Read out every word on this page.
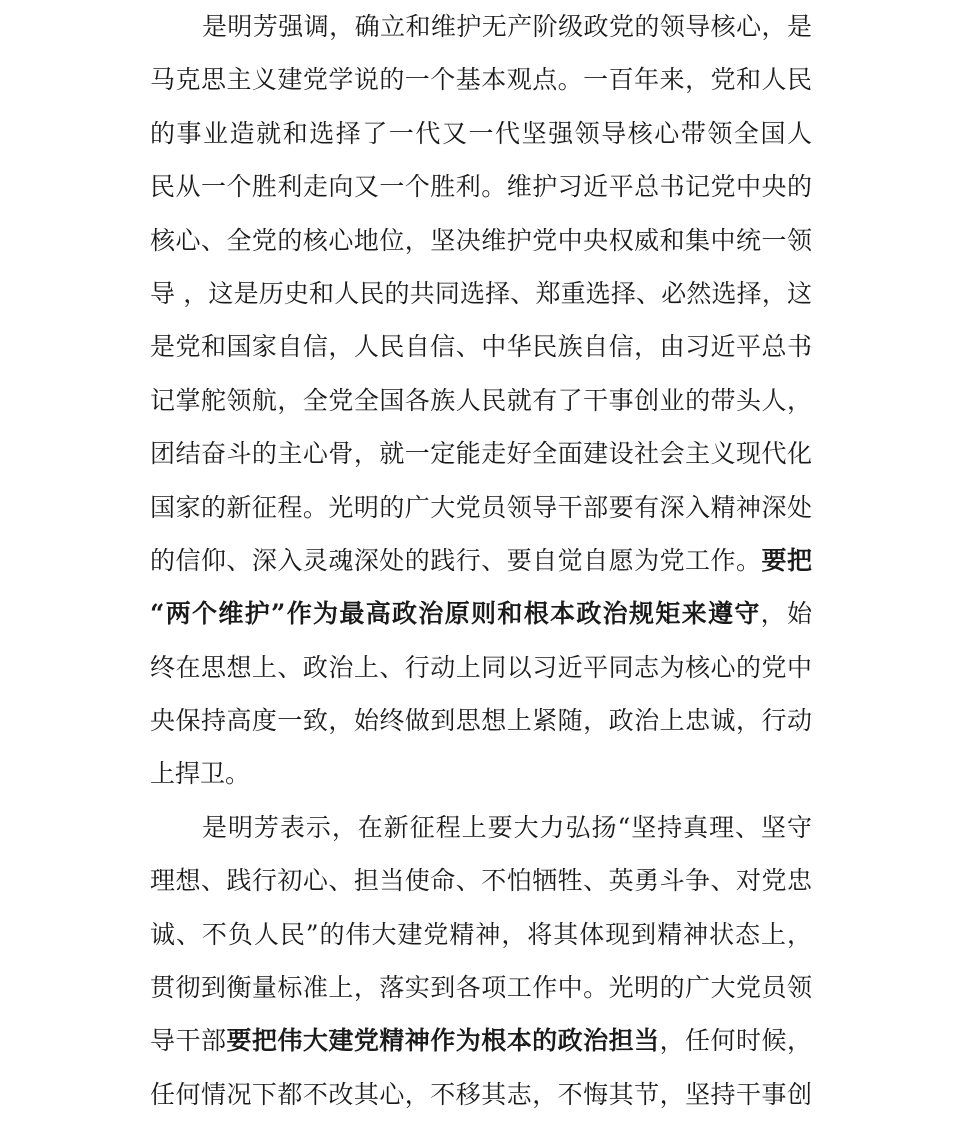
是明芳强调，确立和维护无产阶级政党的领导核心，是
马克思主义建党学说的一个基本观点。一百年来，党和人民
的事业造就和选择了一代又一代坚强领导核心带领全国人
民从一个胜利走向又一个胜利。维护习近平总书记党中央的
核心、全党的核心地位，坚决维护党中央权威和集中统一领
导 ，这是历史和人民的共同选择、郑重选择、必然选择，这
是党和国家自信，人民自信、中华民族自信，由习近平总书
记掌舵领航，全党全国各族人民就有了干事创业的带头人，
团结奋斗的主心骨，就一定能走好全面建设社会主义现代化
国家的新征程。光明的广大党员领导干部要有深入精神深处
的信仰、深入灵魂深处的践行、要自觉自愿为党工作。要把
“两个维护”作为最高政治原则和根本政治规矩来遵守，始
终在思想上、政治上、行动上同以习近平同志为核心的党中
央保持高度一致，始终做到思想上紧随，政治上忠诚，行动
上捍卫。
是明芳表示，在新征程上要大力弘扬“坚持真理、坚守
理想、践行初心、担当使命、不怕牺牲、英勇斗争、对党忠
诚、不负人民”的伟大建党精神，将其体现到精神状态上，
贯彻到衡量标准上，落实到各项工作中。光明的广大党员领
导干部要把伟大建党精神作为根本的政治担当，任何时候，
任何情况下都不改其心，不移其志，不悔其节，坚持干事创
